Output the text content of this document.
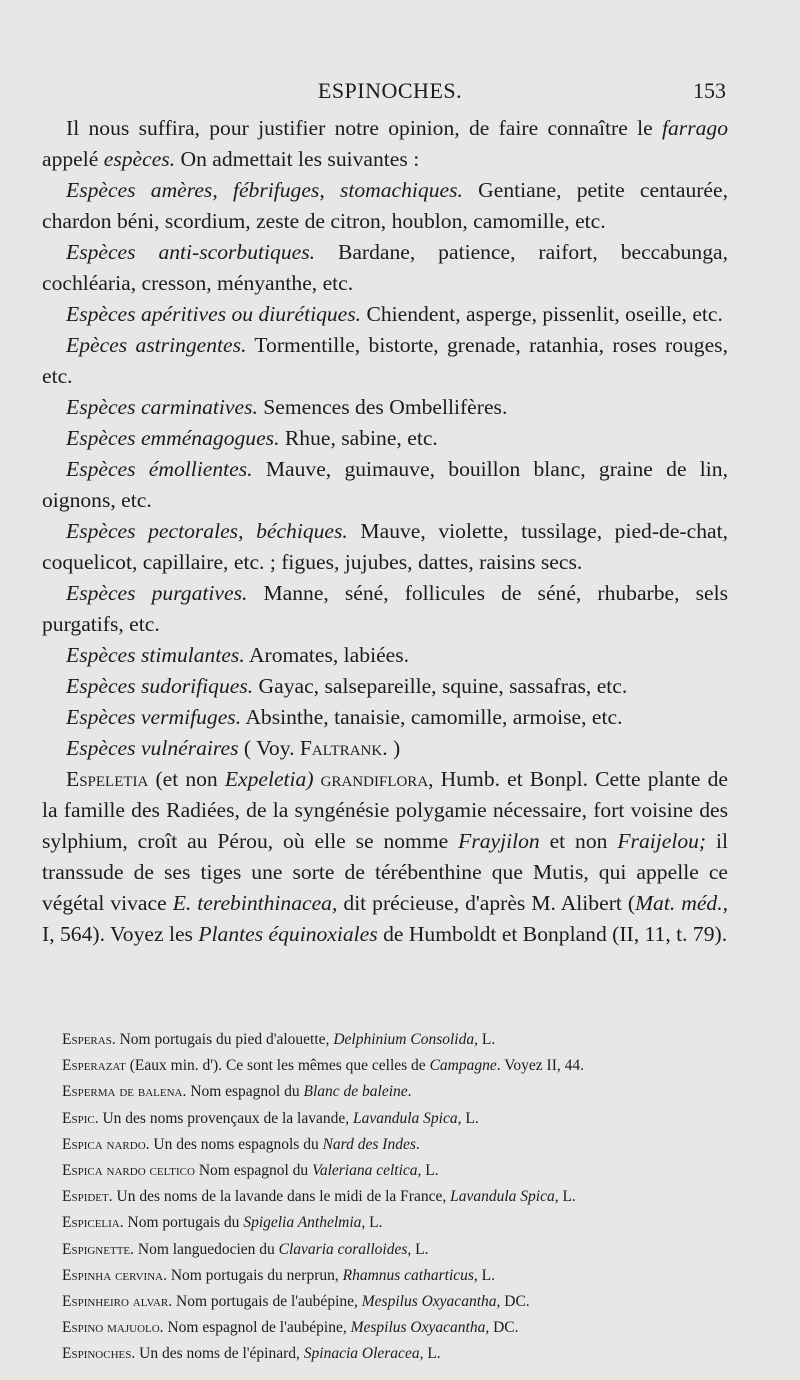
ESPINOCHES.	153

Il nous suffira, pour justifier notre opinion, de faire connaître le farrago appelé espèces. On admettait les suivantes :

Espèces amères, fébrifuges, stomachiques. Gentiane, petite centaurée, chardon béni, scordium, zeste de citron, houblon, camomille, etc.

Espèces anti-scorbutiques. Bardane, patience, raifort, beccabunga, cochléaria, cresson, ményanthe, etc.

Espèces apéritives ou diurétiques. Chiendent, asperge, pissenlit, oseille, etc.

Epèces astringentes. Tormentille, bistorte, grenade, ratanhia, roses rouges, etc.

Espèces carminatives. Semences des Ombellifères.

Espèces emménagogues. Rhue, sabine, etc.

Espèces émollientes. Mauve, guimauve, bouillon blanc, graine de lin, oignons, etc.

Espèces pectorales, béchiques. Mauve, violette, tussilage, pied-de-chat, coquelicot, capillaire, etc. ; figues, jujubes, dattes, raisins secs.

Espèces purgatives. Manne, séné, follicules de séné, rhubarbe, sels purgatifs, etc.

Espèces stimulantes. Aromates, labiées.

Espèces sudorifiques. Gayac, salsepareille, squine, sassafras, etc.

Espèces vermifuges. Absinthe, tanaisie, camomille, armoise, etc.

Espèces vulnéraires ( Voy. Faltrank. )

Espeletia (et non Expeletia) grandiflora, Humb. et Bonpl. Cette plante de la famille des Radiées, de la syngénésie polygamie nécessaire, fort voisine des sylphium, croît au Pérou, où elle se nomme Frayjilon et non Fraijelou; il transsude de ses tiges une sorte de térébenthine que Mutis, qui appelle ce végétal vivace E. terebinthinacea, dit précieuse, d'après M. Alibert (Mat. méd., I, 564). Voyez les Plantes équinoxiales de Humboldt et Bonpland (II, 11, t. 79).

Esperas. Nom portugais du pied d'alouette, Delphinium Consolida, L.

Esperazat (Eaux min. d'). Ce sont les mêmes que celles de Campagne. Voyez II, 44.

Esperma de balena. Nom espagnol du Blanc de baleine.

Espic. Un des noms provençaux de la lavande, Lavandula Spica, L.

Espica nardo. Un des noms espagnols du Nard des Indes.

Espica nardo celtico Nom espagnol du Valeriana celtica, L.

Espidet. Un des noms de la lavande dans le midi de la France, Lavandula Spica, L.

Espicelia. Nom portugais du Spigelia Anthelmia, L.

Espignette. Nom languedocien du Clavaria coralloides, L.

Espinha cervina. Nom portugais du nerprun, Rhamnus catharticus, L.

Espinheiro alvar. Nom portugais de l'aubépine, Mespilus Oxyacantha, DC.

Espino majuolo. Nom espagnol de l'aubépine, Mespilus Oxyacantha, DC.

Espinoches. Un des noms de l'épinard, Spinacia Oleracea, L.
